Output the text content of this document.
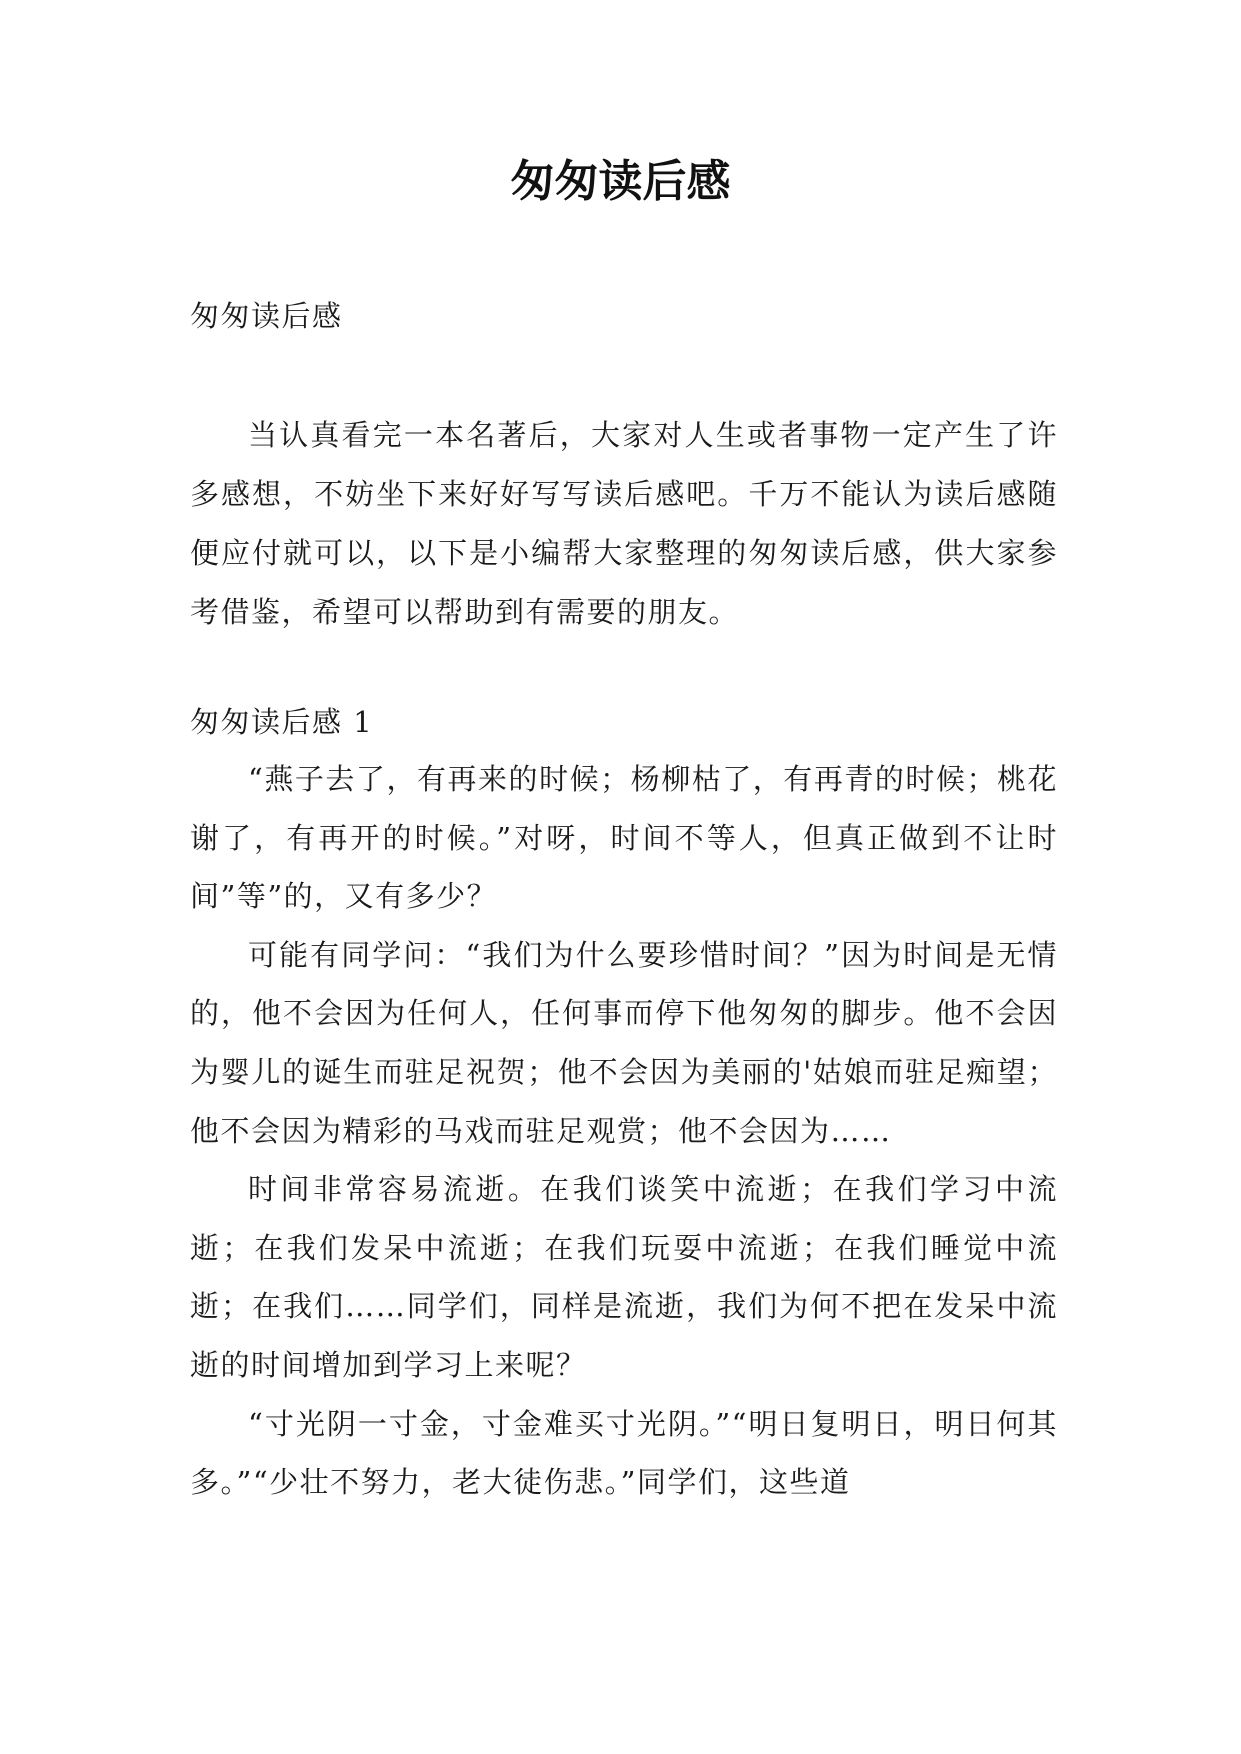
匆匆读后感

匆匆读后感

当认真看完一本名著后，大家对人生或者事物一定产生了许多感想，不妨坐下来好好写写读后感吧。千万不能认为读后感随便应付就可以，以下是小编帮大家整理的匆匆读后感，供大家参考借鉴，希望可以帮助到有需要的朋友。

匆匆读后感 1

“燕子去了，有再来的时候；杨柳枯了，有再青的时候；桃花谢了，有再开的时候。”对呀，时间不等人，但真正做到不让时间”等”的，又有多少？

可能有同学问：“我们为什么要珍惜时间？”因为时间是无情的，他不会因为任何人，任何事而停下他匆匆的脚步。他不会因为婴儿的诞生而驻足祝贺；他不会因为美丽的'姑娘而驻足痴望；他不会因为精彩的马戏而驻足观赏；他不会因为……

时间非常容易流逝。在我们谈笑中流逝；在我们学习中流逝；在我们发呆中流逝；在我们玩耍中流逝；在我们睡觉中流逝；在我们……同学们，同样是流逝，我们为何不把在发呆中流逝的时间增加到学习上来呢？

“寸光阴一寸金，寸金难买寸光阴。”“明日复明日，明日何其多。”“少壮不努力，老大徒伤悲。”同学们，这些道
